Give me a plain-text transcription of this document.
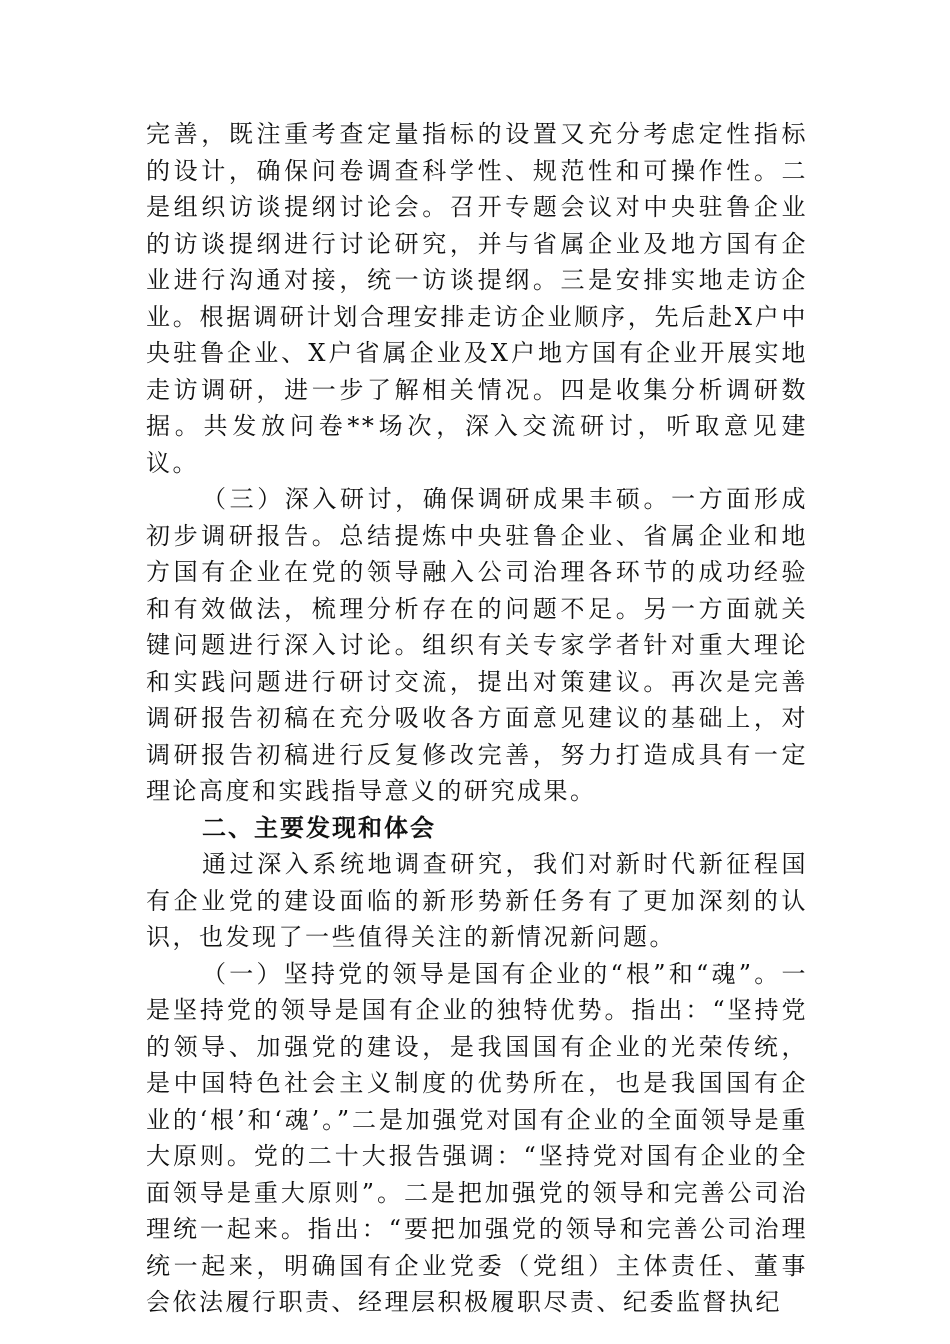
完善，既注重考查定量指标的设置又充分考虑定性指标的设计，确保问卷调查科学性、规范性和可操作性。二是组织访谈提纲讨论会。召开专题会议对中央驻鲁企业的访谈提纲进行讨论研究，并与省属企业及地方国有企业进行沟通对接，统一访谈提纲。三是安排实地走访企业。根据调研计划合理安排走访企业顺序，先后赴X户中央驻鲁企业、X户省属企业及X户地方国有企业开展实地走访调研，进一步了解相关情况。四是收集分析调研数据。共发放问卷**场次，深入交流研讨，听取意见建议。

（三）深入研讨，确保调研成果丰硕。一方面形成初步调研报告。总结提炼中央驻鲁企业、省属企业和地方国有企业在党的领导融入公司治理各环节的成功经验和有效做法，梳理分析存在的问题不足。另一方面就关键问题进行深入讨论。组织有关专家学者针对重大理论和实践问题进行研讨交流，提出对策建议。再次是完善调研报告初稿在充分吸收各方面意见建议的基础上，对调研报告初稿进行反复修改完善，努力打造成具有一定理论高度和实践指导意义的研究成果。

二、主要发现和体会

通过深入系统地调查研究，我们对新时代新征程国有企业党的建设面临的新形势新任务有了更加深刻的认识，也发现了一些值得关注的新情况新问题。

（一）坚持党的领导是国有企业的“根”和“魂”。一是坚持党的领导是国有企业的独特优势。指出：“坚持党的领导、加强党的建设，是我国国有企业的光荣传统，是中国特色社会主义制度的优势所在，也是我国国有企业的‘根’和‘魂’。”二是加强党对国有企业的全面领导是重大原则。党的二十大报告强调：“坚持党对国有企业的全面领导是重大原则”。二是把加强党的领导和完善公司治理统一起来。指出：“要把加强党的领导和完善公司治理统一起来，明确国有企业党委（党组）主体责任、董事会依法履行职责、经理层积极履职尽责、纪委监督执纪
